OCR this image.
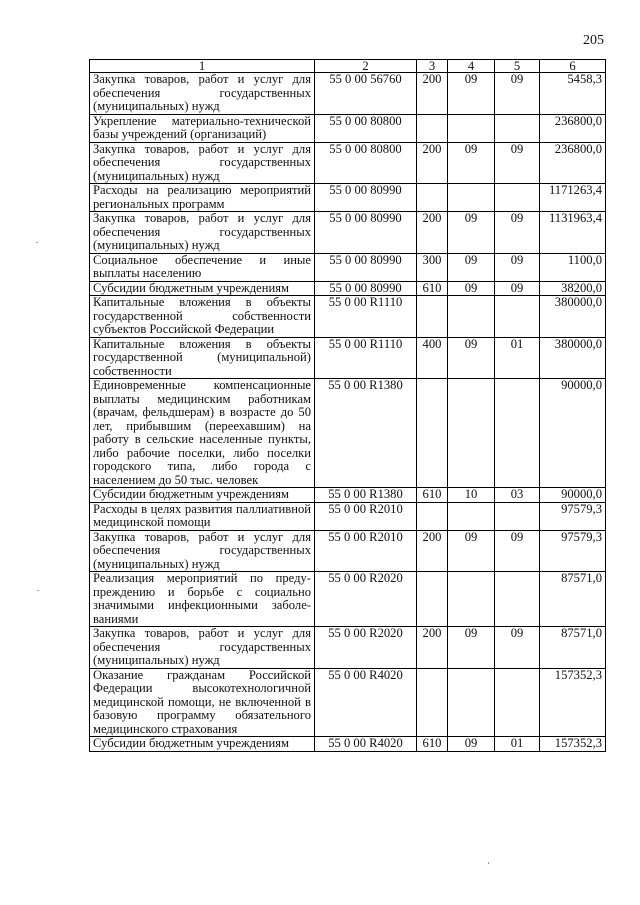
205
1	2	3	4	5	6
Закупка товаров, работ и услуг для обеспечения государственных (муниципальных) нужд	55 0 00 56760	200	09	09	5458,3
Укрепление материально-технической базы учреждений (организаций)	55 0 00 80800				236800,0
Закупка товаров, работ и услуг для обеспечения государственных (муниципальных) нужд	55 0 00 80800	200	09	09	236800,0
Расходы на реализацию мероприятий региональных программ	55 0 00 80990				1171263,4
Закупка товаров, работ и услуг для обеспечения государственных (муниципальных) нужд	55 0 00 80990	200	09	09	1131963,4
Социальное обеспечение и иные выплаты населению	55 0 00 80990	300	09	09	1100,0
Субсидии бюджетным учреждениям	55 0 00 80990	610	09	09	38200,0
Капитальные вложения в объекты государственной собственности субъектов Российской Федерации	55 0 00 R1110				380000,0
Капитальные вложения в объекты государственной (муниципальной) собственности	55 0 00 R1110	400	09	01	380000,0
Единовременные компенсационные выплаты медицинским работникам (врачам, фельдшерам) в возрасте до 50 лет, прибывшим (переехавшим) на работу в сельские населенные пункты, либо рабочие поселки, либо поселки городского типа, либо города с населением до 50 тыс. человек	55 0 00 R1380				90000,0
Субсидии бюджетным учреждениям	55 0 00 R1380	610	10	03	90000,0
Расходы в целях развития паллиативной медицинской помощи	55 0 00 R2010				97579,3
Закупка товаров, работ и услуг для обеспечения государственных (муниципальных) нужд	55 0 00 R2010	200	09	09	97579,3
Реализация мероприятий по предупреждению и борьбе с социально значимыми инфекционными заболеваниями	55 0 00 R2020				87571,0
Закупка товаров, работ и услуг для обеспечения государственных (муниципальных) нужд	55 0 00 R2020	200	09	09	87571,0
Оказание гражданам Российской Федерации высокотехнологичной медицинской помощи, не включенной в базовую программу обязательного медицинского страхования	55 0 00 R4020				157352,3
Субсидии бюджетным учреждениям	55 0 00 R4020	610	09	01	157352,3
